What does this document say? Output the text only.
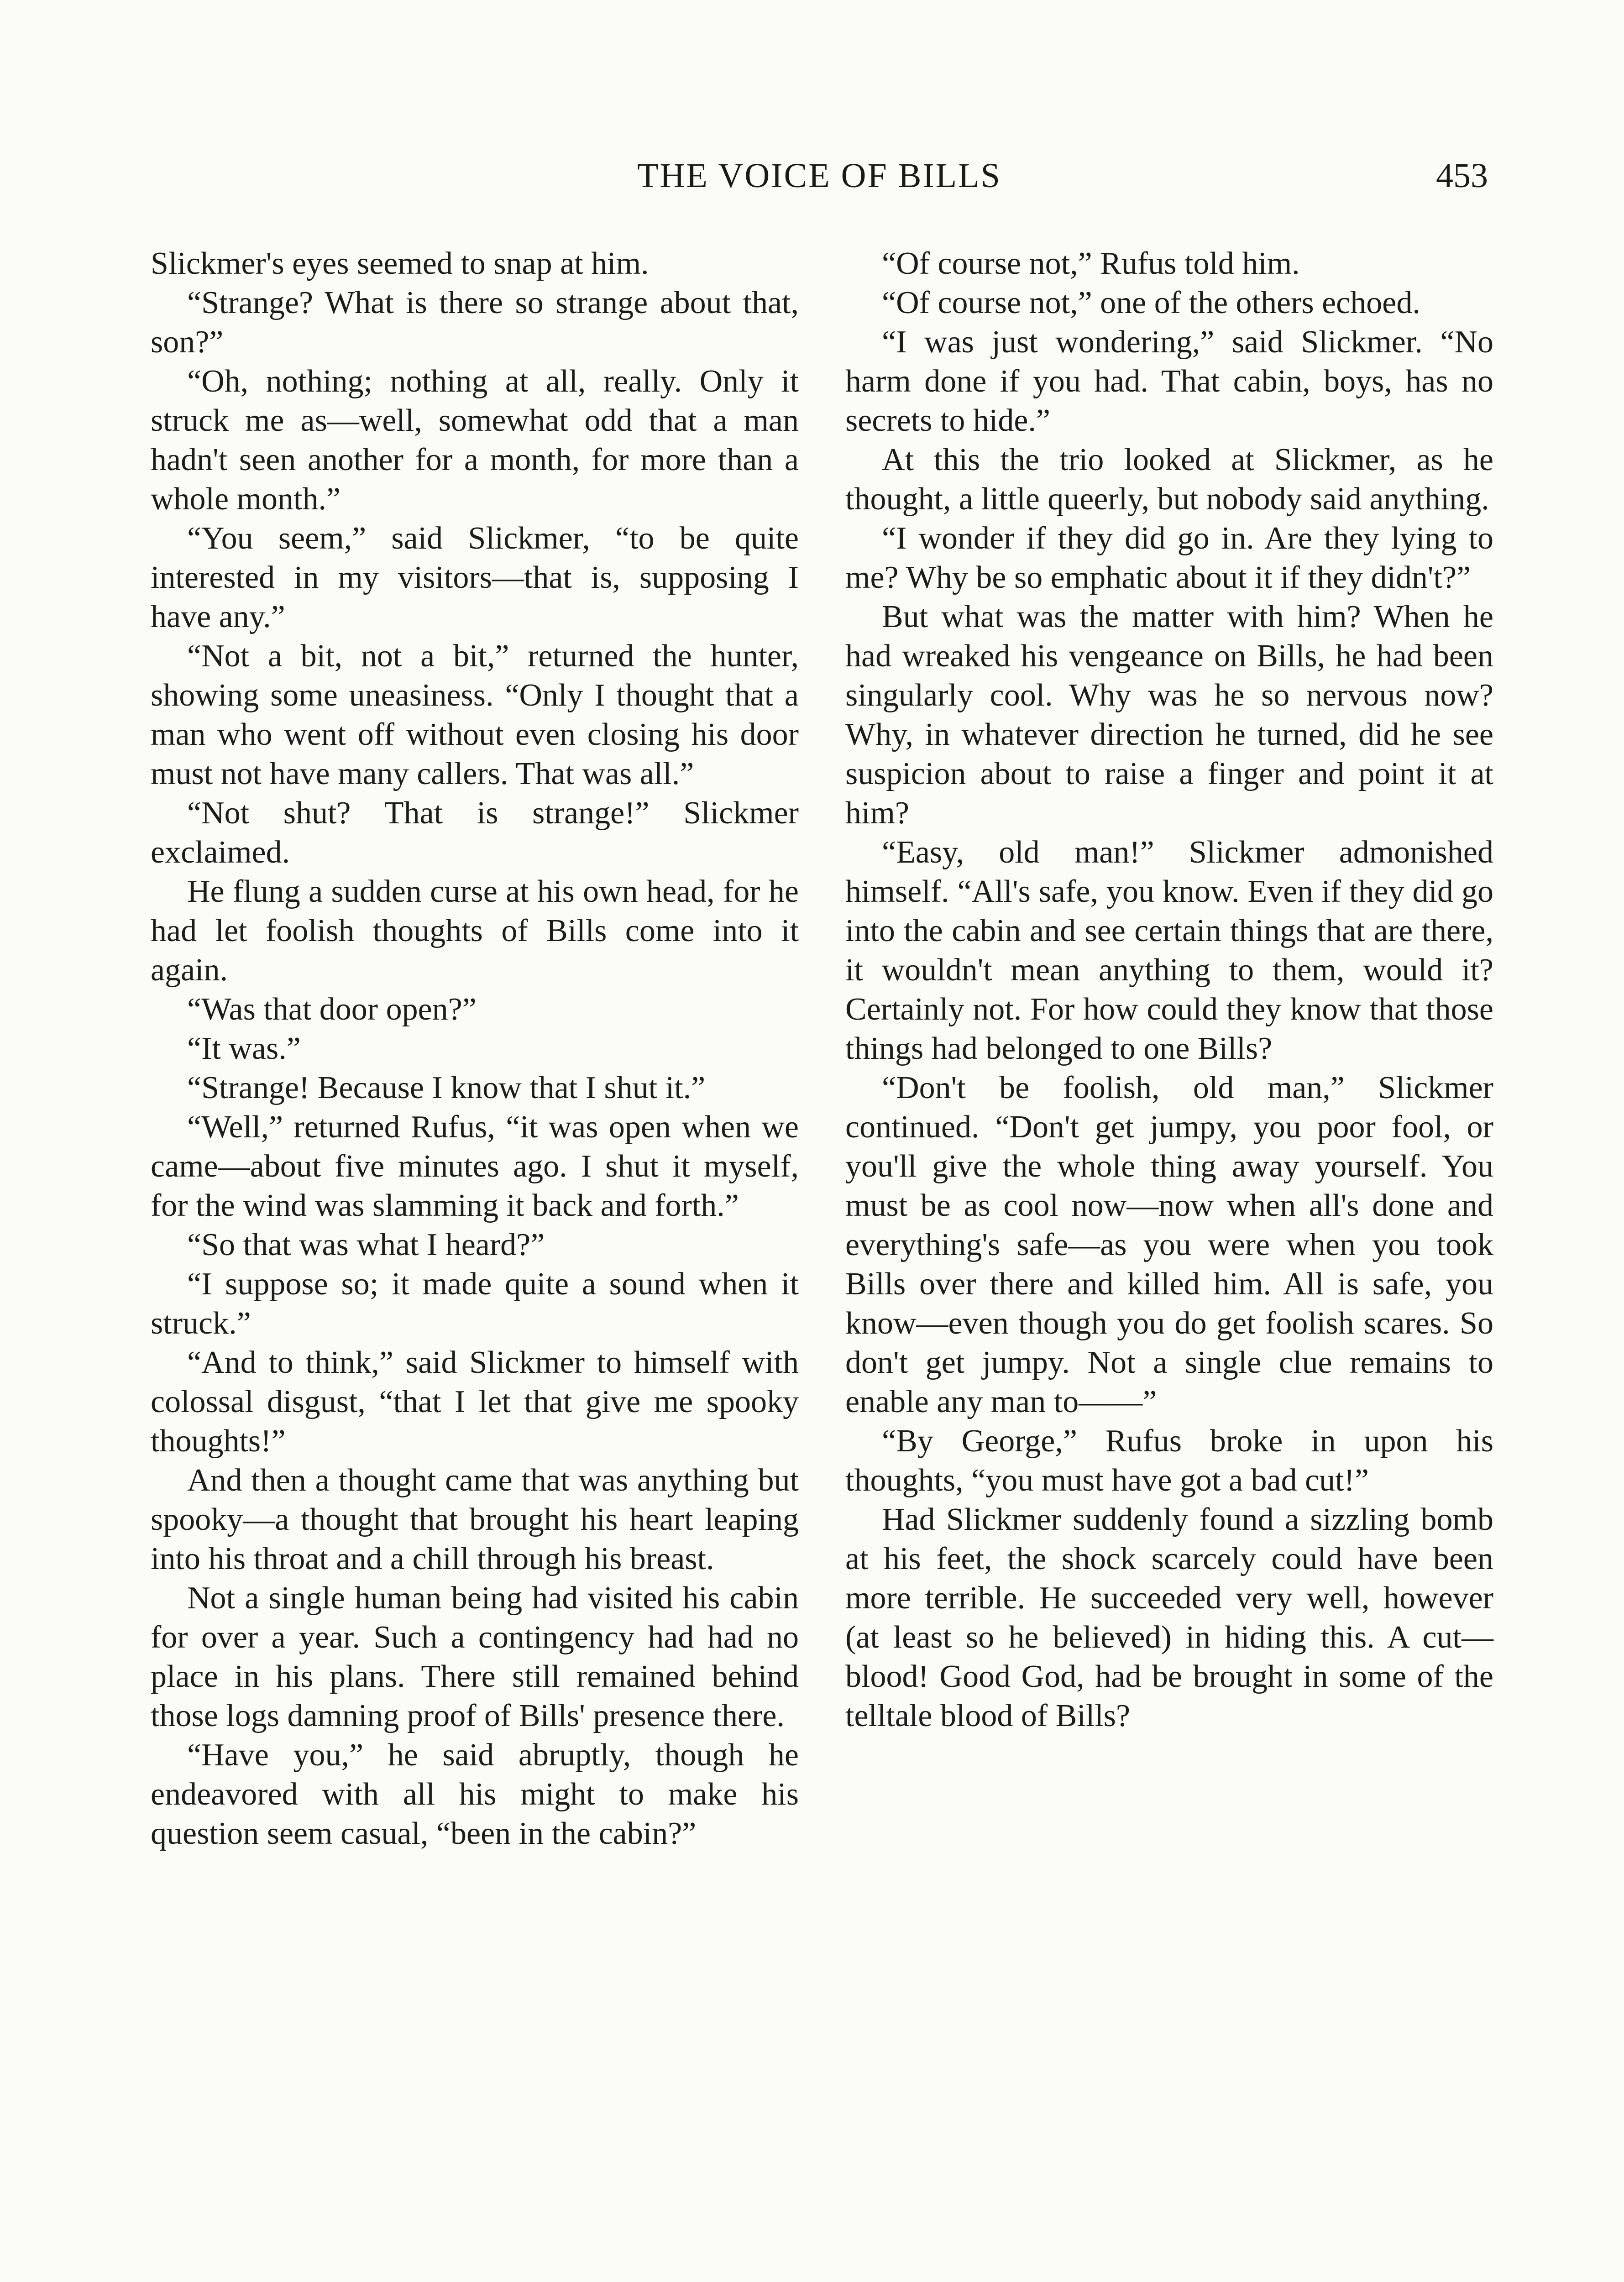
THE VOICE OF BILLS	453

Slickmer's eyes seemed to snap at him.

“Strange? What is there so strange about that, son?”

“Oh, nothing; nothing at all, really. Only it struck me as—well, somewhat odd that a man hadn't seen another for a month, for more than a whole month.”

“You seem,” said Slickmer, “to be quite interested in my visitors—that is, supposing I have any.”

“Not a bit, not a bit,” returned the hunter, showing some uneasiness. “Only I thought that a man who went off without even closing his door must not have many callers. That was all.”

“Not shut? That is strange!” Slickmer exclaimed.

He flung a sudden curse at his own head, for he had let foolish thoughts of Bills come into it again.

“Was that door open?”

“It was.”

“Strange! Because I know that I shut it.”

“Well,” returned Rufus, “it was open when we came—about five minutes ago. I shut it myself, for the wind was slamming it back and forth.”

“So that was what I heard?”

“I suppose so; it made quite a sound when it struck.”

“And to think,” said Slickmer to himself with colossal disgust, “that I let that give me spooky thoughts!”

And then a thought came that was anything but spooky—a thought that brought his heart leaping into his throat and a chill through his breast.

Not a single human being had visited his cabin for over a year. Such a contingency had had no place in his plans. There still remained behind those logs damning proof of Bills' presence there.

“Have you,” he said abruptly, though he endeavored with all his might to make his question seem casual, “been in the cabin?”

“Of course not,” Rufus told him.

“Of course not,” one of the others echoed.

“I was just wondering,” said Slickmer. “No harm done if you had. That cabin, boys, has no secrets to hide.”

At this the trio looked at Slickmer, as he thought, a little queerly, but nobody said anything.

“I wonder if they did go in. Are they lying to me? Why be so emphatic about it if they didn't?”

But what was the matter with him? When he had wreaked his vengeance on Bills, he had been singularly cool. Why was he so nervous now? Why, in whatever direction he turned, did he see suspicion about to raise a finger and point it at him?

“Easy, old man!” Slickmer admonished himself. “All's safe, you know. Even if they did go into the cabin and see certain things that are there, it wouldn't mean anything to them, would it? Certainly not. For how could they know that those things had belonged to one Bills?

“Don't be foolish, old man,” Slickmer continued. “Don't get jumpy, you poor fool, or you'll give the whole thing away yourself. You must be as cool now—now when all's done and everything's safe—as you were when you took Bills over there and killed him. All is safe, you know—even though you do get foolish scares. So don't get jumpy. Not a single clue remains to enable any man to——”

“By George,” Rufus broke in upon his thoughts, “you must have got a bad cut!”

Had Slickmer suddenly found a sizzling bomb at his feet, the shock scarcely could have been more terrible. He succeeded very well, however (at least so he believed) in hiding this. A cut—blood! Good God, had be brought in some of the telltale blood of Bills?
